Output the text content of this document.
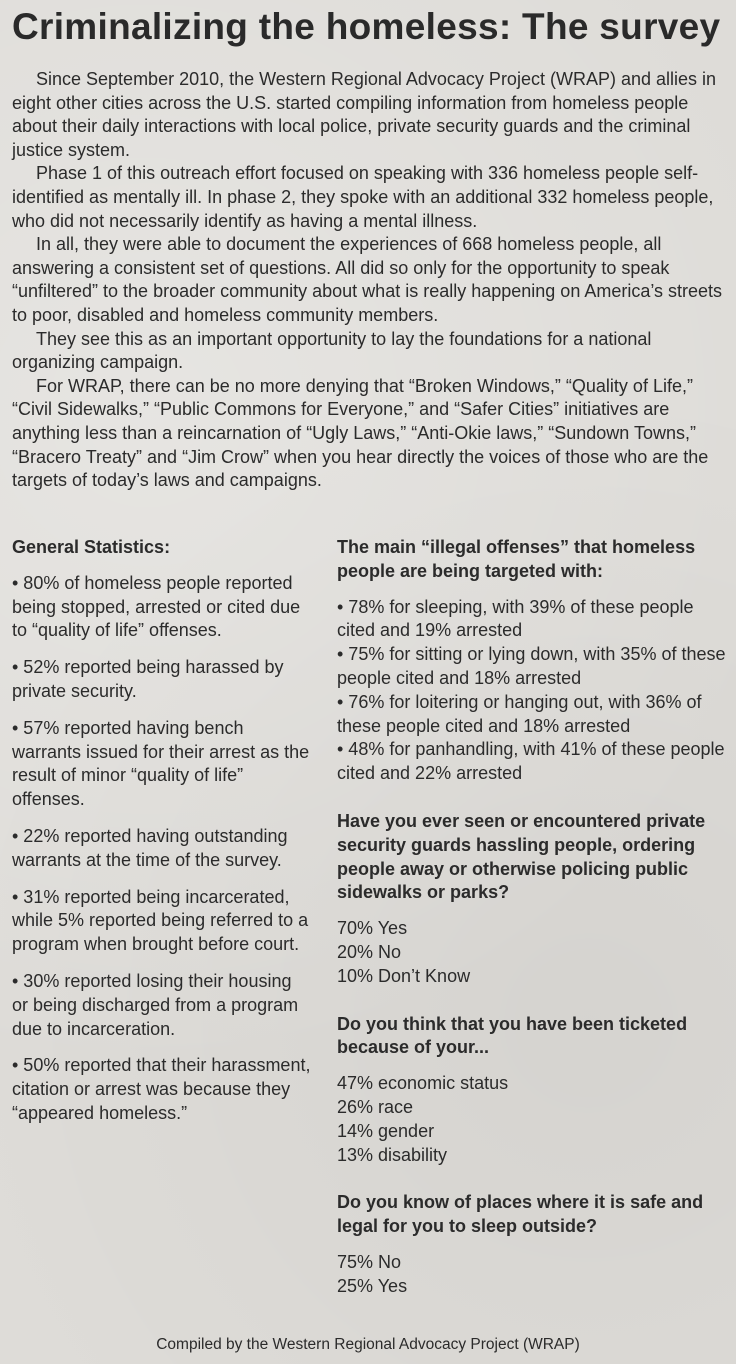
Criminalizing the homeless: The survey

Since September 2010, the Western Regional Advocacy Project (WRAP) and allies in eight other cities across the U.S. started compiling information from homeless people about their daily interactions with local police, private security guards and the criminal justice system.

Phase 1 of this outreach effort focused on speaking with 336 homeless people self-identified as mentally ill. In phase 2, they spoke with an additional 332 homeless people, who did not necessarily identify as having a mental illness.

In all, they were able to document the experiences of 668 homeless people, all answering a consistent set of questions. All did so only for the opportunity to speak “unfiltered” to the broader community about what is really happening on America’s streets to poor, disabled and homeless community members.

They see this as an important opportunity to lay the foundations for a national organizing campaign.

For WRAP, there can be no more denying that “Broken Windows,” “Quality of Life,” “Civil Sidewalks,” “Public Commons for Everyone,” and “Safer Cities” initiatives are anything less than a reincarnation of “Ugly Laws,” “Anti-Okie laws,” “Sundown Towns,” “Bracero Treaty” and “Jim Crow” when you hear directly the voices of those who are the targets of today’s laws and campaigns.

General Statistics:

• 80% of homeless people reported being stopped, arrested or cited due to “quality of life” offenses.

• 52% reported being harassed by private security.

• 57% reported having bench warrants issued for their arrest as the result of minor “quality of life” offenses.

• 22% reported having outstanding warrants at the time of the survey.

• 31% reported being incarcerated, while 5% reported being referred to a program when brought before court.

• 30% reported losing their housing or being discharged from a program due to incarceration.

• 50% reported that their harassment, citation or arrest was because they “appeared homeless.”

The main “illegal offenses” that homeless people are being targeted with:

• 78% for sleeping, with 39% of these people cited and 19% arrested
• 75% for sitting or lying down, with 35% of these people cited and 18% arrested
• 76% for loitering or hanging out, with 36% of these people cited and 18% arrested
• 48% for panhandling, with 41% of these people cited and 22% arrested

Have you ever seen or encountered private security guards hassling people, ordering people away or otherwise policing public sidewalks or parks?

70% Yes
20% No
10% Don’t Know

Do you think that you have been ticketed because of your...

47% economic status
26% race
14% gender
13% disability

Do you know of places where it is safe and legal for you to sleep outside?

75% No
25% Yes
Compiled by the Western Regional Advocacy Project (WRAP)
